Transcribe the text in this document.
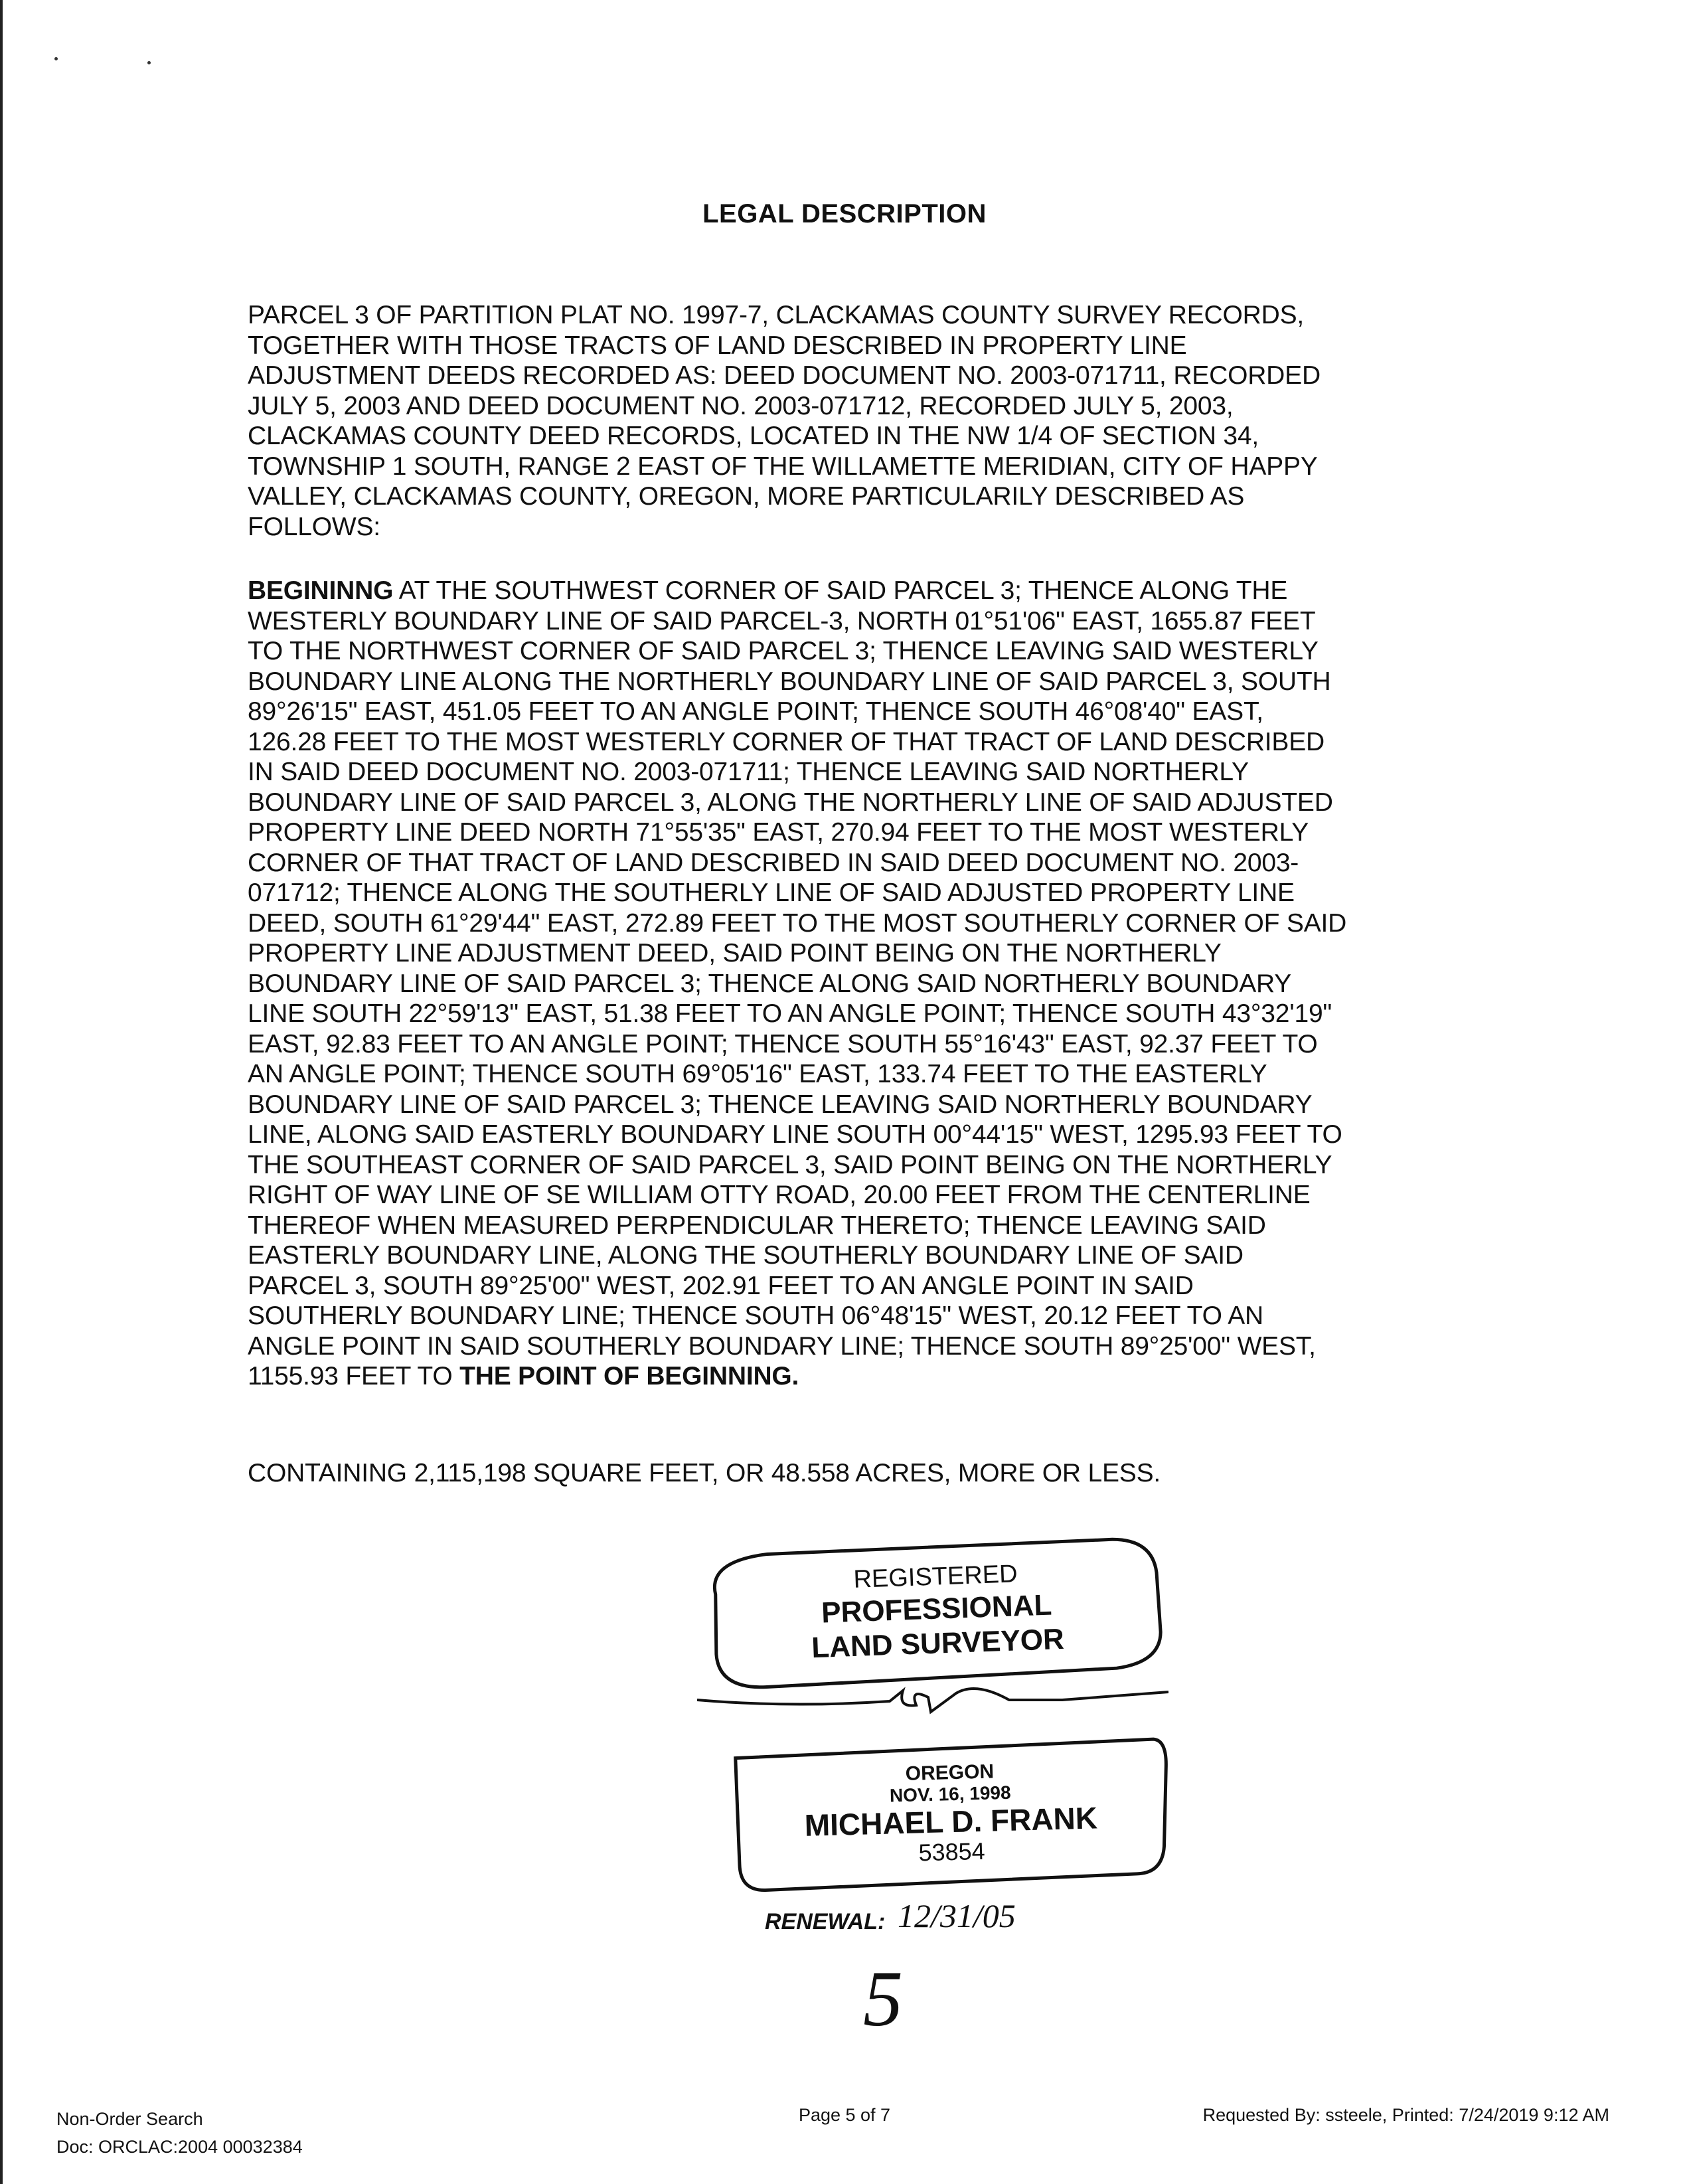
LEGAL DESCRIPTION
PARCEL 3 OF PARTITION PLAT NO. 1997-7, CLACKAMAS COUNTY SURVEY RECORDS,
TOGETHER WITH THOSE TRACTS OF LAND DESCRIBED IN PROPERTY LINE
ADJUSTMENT DEEDS RECORDED AS: DEED DOCUMENT NO. 2003-071711, RECORDED
JULY 5, 2003 AND DEED DOCUMENT NO. 2003-071712, RECORDED JULY 5, 2003,
CLACKAMAS COUNTY DEED RECORDS, LOCATED IN THE NW 1/4 OF SECTION 34,
TOWNSHIP 1 SOUTH, RANGE 2 EAST OF THE WILLAMETTE MERIDIAN, CITY OF HAPPY
VALLEY, CLACKAMAS COUNTY, OREGON, MORE PARTICULARILY DESCRIBED AS
FOLLOWS:
BEGININNG AT THE SOUTHWEST CORNER OF SAID PARCEL 3; THENCE ALONG THE
WESTERLY BOUNDARY LINE OF SAID PARCEL-3, NORTH 01°51'06" EAST, 1655.87 FEET
TO THE NORTHWEST CORNER OF SAID PARCEL 3; THENCE LEAVING SAID WESTERLY
BOUNDARY LINE ALONG THE NORTHERLY BOUNDARY LINE OF SAID PARCEL 3, SOUTH
89°26'15" EAST, 451.05 FEET TO AN ANGLE POINT; THENCE SOUTH 46°08'40" EAST,
126.28 FEET TO THE MOST WESTERLY CORNER OF THAT TRACT OF LAND DESCRIBED
IN SAID DEED DOCUMENT NO. 2003-071711; THENCE LEAVING SAID NORTHERLY
BOUNDARY LINE OF SAID PARCEL 3, ALONG THE NORTHERLY LINE OF SAID ADJUSTED
PROPERTY LINE DEED NORTH 71°55'35" EAST, 270.94 FEET TO THE MOST WESTERLY
CORNER OF THAT TRACT OF LAND DESCRIBED IN SAID DEED DOCUMENT NO. 2003-
071712; THENCE ALONG THE SOUTHERLY LINE OF SAID ADJUSTED PROPERTY LINE
DEED, SOUTH 61°29'44" EAST, 272.89 FEET TO THE MOST SOUTHERLY CORNER OF SAID
PROPERTY LINE ADJUSTMENT DEED, SAID POINT BEING ON THE NORTHERLY
BOUNDARY LINE OF SAID PARCEL 3; THENCE ALONG SAID NORTHERLY BOUNDARY
LINE SOUTH 22°59'13" EAST, 51.38 FEET TO AN ANGLE POINT; THENCE SOUTH 43°32'19"
EAST, 92.83 FEET TO AN ANGLE POINT; THENCE SOUTH 55°16'43" EAST, 92.37 FEET TO
AN ANGLE POINT; THENCE SOUTH 69°05'16" EAST, 133.74 FEET TO THE EASTERLY
BOUNDARY LINE OF SAID PARCEL 3; THENCE LEAVING SAID NORTHERLY BOUNDARY
LINE, ALONG SAID EASTERLY BOUNDARY LINE SOUTH 00°44'15" WEST, 1295.93 FEET TO
THE SOUTHEAST CORNER OF SAID PARCEL 3, SAID POINT BEING ON THE NORTHERLY
RIGHT OF WAY LINE OF SE WILLIAM OTTY ROAD, 20.00 FEET FROM THE CENTERLINE
THEREOF WHEN MEASURED PERPENDICULAR THERETO; THENCE LEAVING SAID
EASTERLY BOUNDARY LINE, ALONG THE SOUTHERLY BOUNDARY LINE OF SAID
PARCEL 3, SOUTH 89°25'00" WEST, 202.91 FEET TO AN ANGLE POINT IN SAID
SOUTHERLY BOUNDARY LINE; THENCE SOUTH 06°48'15" WEST, 20.12 FEET TO AN
ANGLE POINT IN SAID SOUTHERLY BOUNDARY LINE; THENCE SOUTH 89°25'00" WEST,
1155.93 FEET TO THE POINT OF BEGINNING.
CONTAINING 2,115,198 SQUARE FEET, OR 48.558 ACRES, MORE OR LESS.
REGISTERED
PROFESSIONAL
LAND SURVEYOR
OREGON
NOV. 16, 1998
MICHAEL D. FRANK
53854
RENEWAL: 12/31/05
5
Non-Order Search
Doc: ORCLAC:2004 00032384
Page 5 of 7	Requested By: ssteele, Printed: 7/24/2019 9:12 AM
